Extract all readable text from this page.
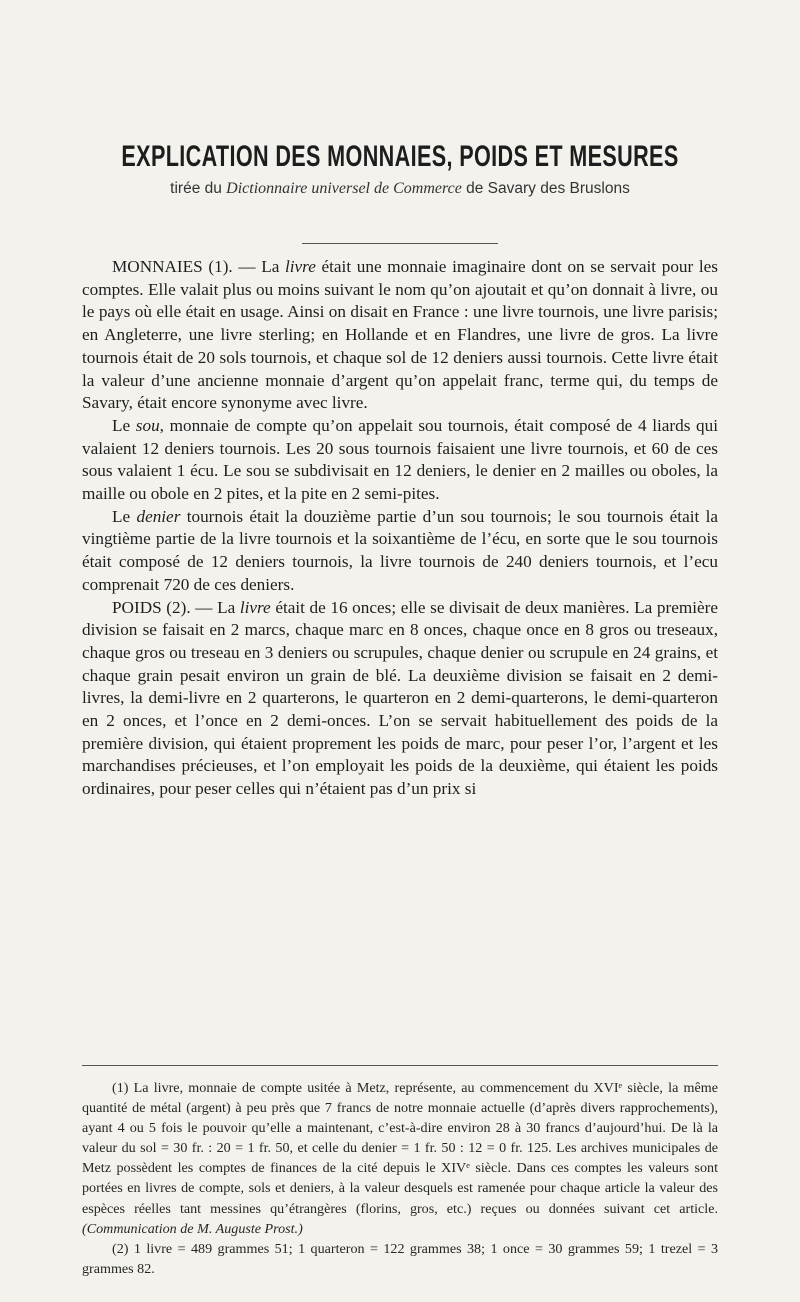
EXPLICATION DES MONNAIES, POIDS ET MESURES
tirée du Dictionnaire universel de Commerce de Savary des Bruslons

MONNAIES (1). — La livre était une monnaie imaginaire dont on se servait pour les comptes. Elle valait plus ou moins suivant le nom qu’on ajoutait et qu’on donnait à livre, ou le pays où elle était en usage. Ainsi on disait en France : une livre tournois, une livre parisis; en Angleterre, une livre sterling; en Hollande et en Flandres, une livre de gros. La livre tournois était de 20 sols tournois, et chaque sol de 12 deniers aussi tournois. Cette livre était la valeur d’une ancienne monnaie d’argent qu’on appelait franc, terme qui, du temps de Savary, était encore synonyme avec livre.

Le sou, monnaie de compte qu’on appelait sou tournois, était composé de 4 liards qui valaient 12 deniers tournois. Les 20 sous tournois faisaient une livre tournois, et 60 de ces sous valaient 1 écu. Le sou se subdivisait en 12 deniers, le denier en 2 mailles ou oboles, la maille ou obole en 2 pites, et la pite en 2 semi-pites.

Le denier tournois était la douzième partie d’un sou tournois; le sou tournois était la vingtième partie de la livre tournois et la soixantième de l’écu, en sorte que le sou tournois était composé de 12 deniers tournois, la livre tournois de 240 deniers tournois, et l’ecu comprenait 720 de ces deniers.

POIDS (2). — La livre était de 16 onces; elle se divisait de deux manières. La première division se faisait en 2 marcs, chaque marc en 8 onces, chaque once en 8 gros ou treseaux, chaque gros ou treseau en 3 deniers ou scrupules, chaque denier ou scrupule en 24 grains, et chaque grain pesait environ un grain de blé. La deuxième division se faisait en 2 demi-livres, la demi-livre en 2 quarterons, le quarteron en 2 demi-quarterons, le demi-quarteron en 2 onces, et l’once en 2 demi-onces. L’on se servait habituellement des poids de la première division, qui étaient proprement les poids de marc, pour peser l’or, l’argent et les marchandises précieuses, et l’on employait les poids de la deuxième, qui étaient les poids ordinaires, pour peser celles qui n’étaient pas d’un prix si

(1) La livre, monnaie de compte usitée à Metz, représente, au commencement du XVIᵉ siècle, la même quantité de métal (argent) à peu près que 7 francs de notre monnaie actuelle (d’après divers rapprochements), ayant 4 ou 5 fois le pouvoir qu’elle a maintenant, c’est-à-dire environ 28 à 30 francs d’aujourd’hui. De là la valeur du sol = 30 fr. : 20 = 1 fr. 50, et celle du denier = 1 fr. 50 : 12 = 0 fr. 125. Les archives municipales de Metz possèdent les comptes de finances de la cité depuis le XIVᵉ siècle. Dans ces comptes les valeurs sont portées en livres de compte, sols et deniers, à la valeur desquels est ramenée pour chaque article la valeur des espèces réelles tant messines qu’étrangères (florins, gros, etc.) reçues ou données suivant cet article. (Communication de M. Auguste Prost.)

(2) 1 livre = 489 grammes 51; 1 quarteron = 122 grammes 38; 1 once = 30 grammes 59; 1 trezel = 3 grammes 82.
